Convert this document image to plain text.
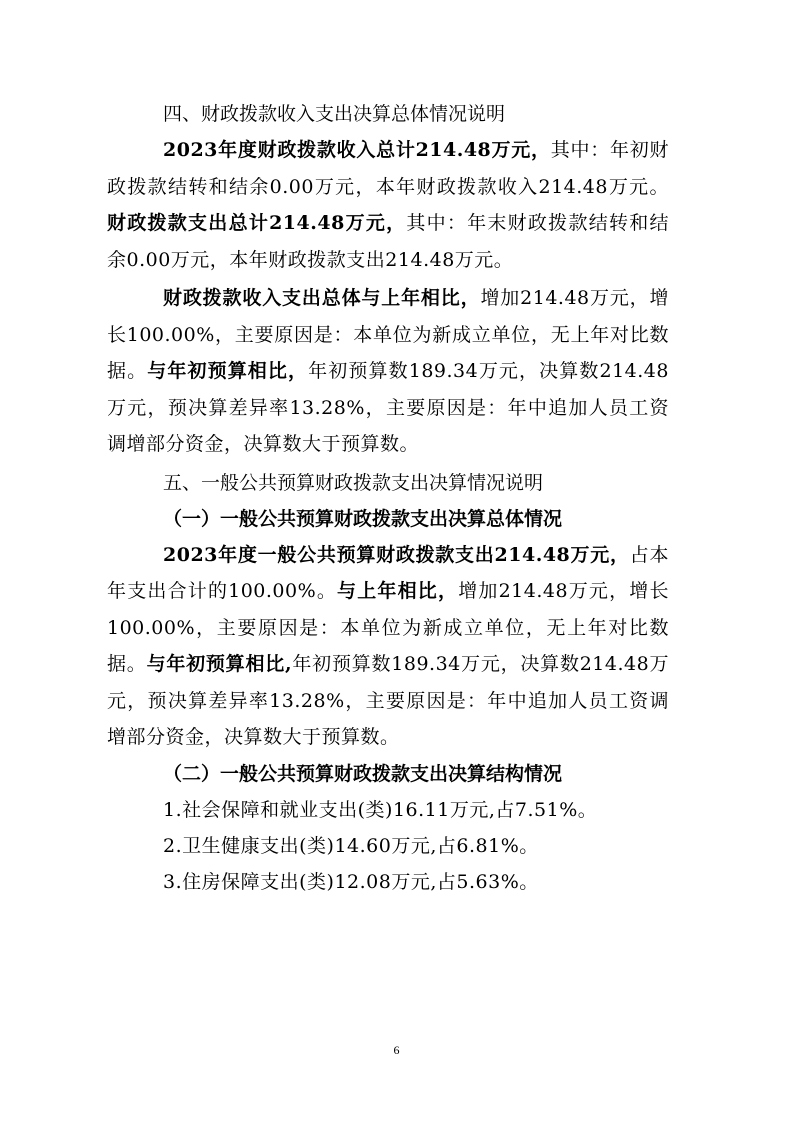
四、财政拨款收入支出决算总体情况说明
2023年度财政拨款收入总计214.48万元，其中：年初财政拨款结转和结余0.00万元，本年财政拨款收入214.48万元。财政拨款支出总计214.48万元，其中：年末财政拨款结转和结余0.00万元，本年财政拨款支出214.48万元。
财政拨款收入支出总体与上年相比，增加214.48万元，增长100.00%，主要原因是：本单位为新成立单位，无上年对比数据。与年初预算相比，年初预算数189.34万元，决算数214.48万元，预决算差异率13.28%，主要原因是：年中追加人员工资调增部分资金，决算数大于预算数。
五、一般公共预算财政拨款支出决算情况说明
（一）一般公共预算财政拨款支出决算总体情况
2023年度一般公共预算财政拨款支出214.48万元，占本年支出合计的100.00%。与上年相比，增加214.48万元，增长100.00%，主要原因是：本单位为新成立单位，无上年对比数据。与年初预算相比,年初预算数189.34万元，决算数214.48万元，预决算差异率13.28%，主要原因是：年中追加人员工资调增部分资金，决算数大于预算数。
（二）一般公共预算财政拨款支出决算结构情况
1.社会保障和就业支出(类)16.11万元,占7.51%。
2.卫生健康支出(类)14.60万元,占6.81%。
3.住房保障支出(类)12.08万元,占5.63%。
6
